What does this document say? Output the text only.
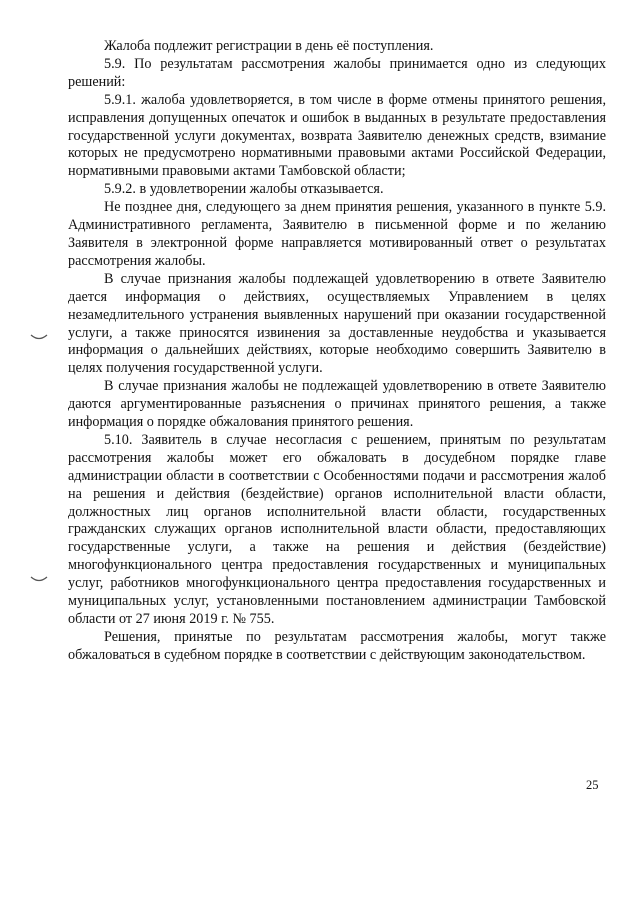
Жалоба подлежит регистрации в день её поступления.

5.9. По результатам рассмотрения жалобы принимается одно из следующих решений:

5.9.1. жалоба удовлетворяется, в том числе в форме отмены принятого решения, исправления допущенных опечаток и ошибок в выданных в результате предоставления государственной услуги документах, возврата Заявителю денежных средств, взимание которых не предусмотрено нормативными правовыми актами Российской Федерации, нормативными правовыми актами Тамбовской области;

5.9.2. в удовлетворении жалобы отказывается.

Не позднее дня, следующего за днем принятия решения, указанного в пункте 5.9. Административного регламента, Заявителю в письменной форме и по желанию Заявителя в электронной форме направляется мотивированный ответ о результатах рассмотрения жалобы.

В случае признания жалобы подлежащей удовлетворению в ответе Заявителю дается информация о действиях, осуществляемых Управлением в целях незамедлительного устранения выявленных нарушений при оказании государственной услуги, а также приносятся извинения за доставленные неудобства и указывается информация о дальнейших действиях, которые необходимо совершить Заявителю в целях получения государственной услуги.

В случае признания жалобы не подлежащей удовлетворению в ответе Заявителю даются аргументированные разъяснения о причинах принятого решения, а также информация о порядке обжалования принятого решения.

5.10. Заявитель в случае несогласия с решением, принятым по результатам рассмотрения жалобы может его обжаловать в досудебном порядке главе администрации области в соответствии с Особенностями подачи и рассмотрения жалоб на решения и действия (бездействие) органов исполнительной власти области, должностных лиц органов исполнительной власти области, государственных гражданских служащих органов исполнительной власти области, предоставляющих государственные услуги, а также на решения и действия (бездействие) многофункционального центра предоставления государственных и муниципальных услуг, работников многофункционального центра предоставления государственных и муниципальных услуг, установленными постановлением администрации Тамбовской области от 27 июня 2019 г. № 755.

Решения, принятые по результатам рассмотрения жалобы, могут также обжаловаться в судебном порядке в соответствии с действующим законодательством.

25
